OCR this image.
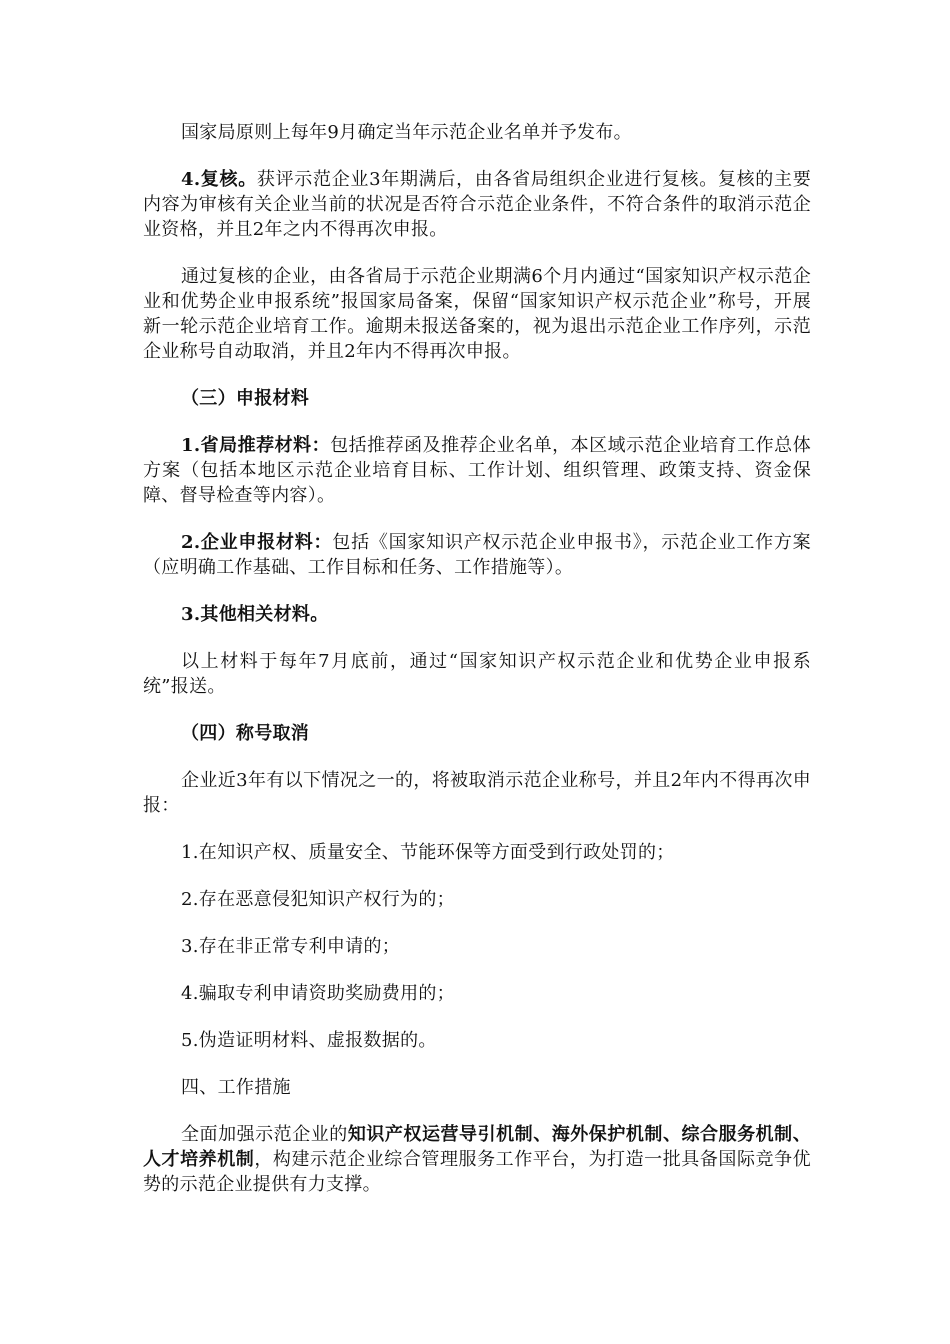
国家局原则上每年9月确定当年示范企业名单并予发布。

4.复核。获评示范企业3年期满后，由各省局组织企业进行复核。复核的主要内容为审核有关企业当前的状况是否符合示范企业条件，不符合条件的取消示范企业资格，并且2年之内不得再次申报。

通过复核的企业，由各省局于示范企业期满6个月内通过“国家知识产权示范企业和优势企业申报系统”报国家局备案，保留“国家知识产权示范企业”称号，开展新一轮示范企业培育工作。逾期未报送备案的，视为退出示范企业工作序列，示范企业称号自动取消，并且2年内不得再次申报。

（三）申报材料

1.省局推荐材料：包括推荐函及推荐企业名单，本区域示范企业培育工作总体方案（包括本地区示范企业培育目标、工作计划、组织管理、政策支持、资金保障、督导检查等内容）。

2.企业申报材料：包括《国家知识产权示范企业申报书》，示范企业工作方案（应明确工作基础、工作目标和任务、工作措施等）。

3.其他相关材料。

以上材料于每年7月底前，通过“国家知识产权示范企业和优势企业申报系统”报送。

（四）称号取消

企业近3年有以下情况之一的，将被取消示范企业称号，并且2年内不得再次申报：

1.在知识产权、质量安全、节能环保等方面受到行政处罚的；

2.存在恶意侵犯知识产权行为的；

3.存在非正常专利申请的；

4.骗取专利申请资助奖励费用的；

5.伪造证明材料、虚报数据的。

四、工作措施

全面加强示范企业的知识产权运营导引机制、海外保护机制、综合服务机制、人才培养机制，构建示范企业综合管理服务工作平台，为打造一批具备国际竞争优势的示范企业提供有力支撑。
